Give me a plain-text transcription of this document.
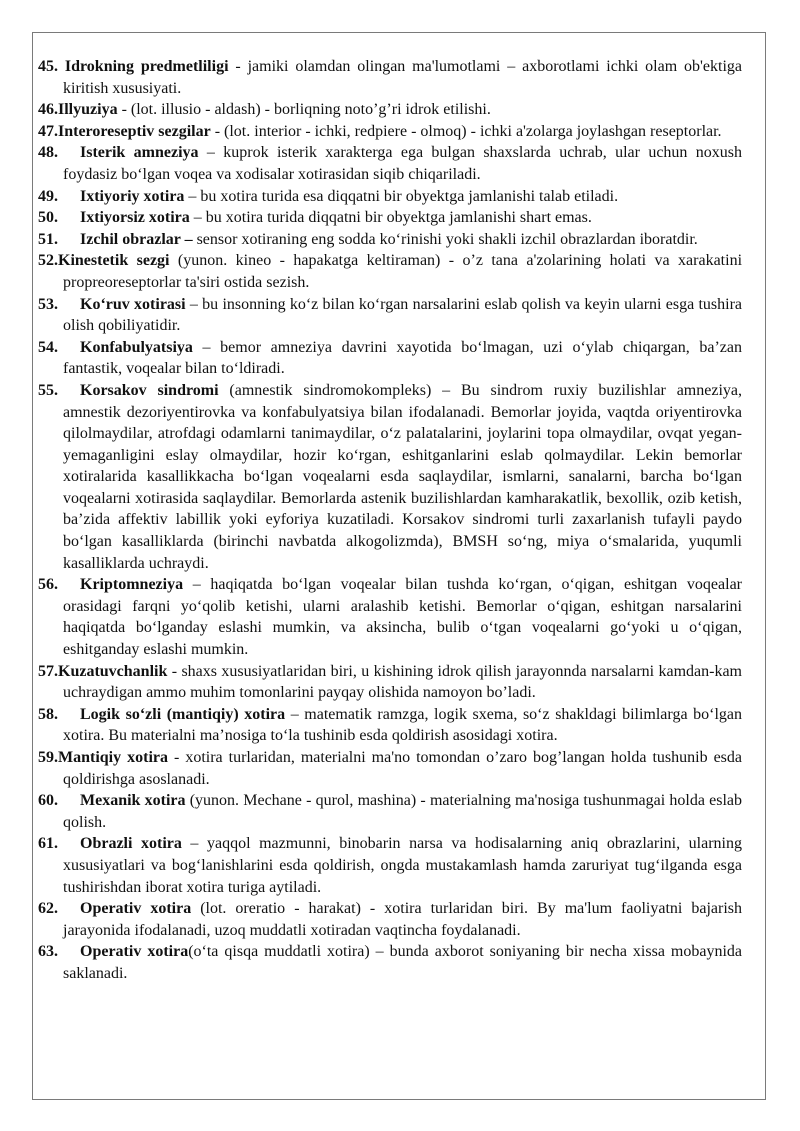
45. Idrokning predmetliligi - jamiki olamdan olingan ma'lumotlami – axborotlami ichki olam ob'ektiga kiritish xususiyati.

46.Illyuziya - (lot. illusio - aldash) - borliqning noto’g’ri idrok etilishi.

47.Interoreseptiv sezgilar - (lot. interior - ichki, redpiere - olmoq) - ichki a'zolarga joylashgan reseptorlar.

48. Isterik amneziya – kuprok isterik xarakterga ega bulgan shaxslarda uchrab, ular uchun noxush foydasiz bo‘lgan voqea va xodisalar xotirasidan siqib chiqariladi.

49. Ixtiyoriy xotira – bu xotira turida esa diqqatni bir obyektga jamlanishi talab etiladi.

50. Ixtiyorsiz xotira – bu xotira turida diqqatni bir obyektga jamlanishi shart emas.

51. Izchil obrazlar – sensor xotiraning eng sodda ko‘rinishi yoki shakli izchil obrazlardan iboratdir.

52.Kinestetik sezgi (yunon. kineo - hapakatga keltiraman) - o’z tana a'zolarining holati va xarakatini propreoreseptorlar ta'siri ostida sezish.

53. Ko‘ruv xotirasi – bu insonning ko‘z bilan ko‘rgan narsalarini eslab qolish va keyin ularni esga tushira olish qobiliyatidir.

54. Konfabulyatsiya – bemor amneziya davrini xayotida bo‘lmagan, uzi o‘ylab chiqargan, ba’zan fantastik, voqealar bilan to‘ldiradi.

55. Korsakov sindromi (amnestik sindromokompleks) – Bu sindrom ruxiy buzilishlar amneziya, amnestik dezoriyentirovka va konfabulyatsiya bilan ifodalanadi. Bemorlar joyida, vaqtda oriyentirovka qilolmaydilar, atrofdagi odamlarni tanimaydilar, o‘z palatalarini, joylarini topa olmaydilar, ovqat yegan-yemaganligini eslay olmaydilar, hozir ko‘rgan, eshitganlarini eslab qolmaydilar. Lekin bemorlar xotiralarida kasallikkacha bo‘lgan voqealarni esda saqlaydilar, ismlarni, sanalarni, barcha bo‘lgan voqealarni xotirasida saqlaydilar. Bemorlarda astenik buzilishlardan kamharakatlik, bexollik, ozib ketish, ba’zida affektiv labillik yoki eyforiya kuzatiladi. Korsakov sindromi turli zaxarlanish tufayli paydo bo‘lgan kasalliklarda (birinchi navbatda alkogolizmda), BMSH so‘ng, miya o‘smalarida, yuqumli kasalliklarda uchraydi.

56. Kriptomneziya – haqiqatda bo‘lgan voqealar bilan tushda ko‘rgan, o‘qigan, eshitgan voqealar orasidagi farqni yo‘qolib ketishi, ularni aralashib ketishi. Bemorlar o‘qigan, eshitgan narsalarini haqiqatda bo‘lganday eslashi mumkin, va aksincha, bulib o‘tgan voqealarni go‘yoki u o‘qigan, eshitganday eslashi mumkin.

57.Kuzatuvchanlik - shaxs xususiyatlaridan biri, u kishining idrok qilish jarayonnda narsalarni kamdan-kam uchraydigan ammo muhim tomonlarini payqay olishida namoyon bo’ladi.

58. Logik so‘zli (mantiqiy) xotira – matematik ramzga, logik sxema, so‘z shakldagi bilimlarga bo‘lgan xotira. Bu materialni ma’nosiga to‘la tushinib esda qoldirish asosidagi xotira.

59.Mantiqiy xotira - xotira turlaridan, materialni ma'no tomondan o’zaro bog’langan holda tushunib esda qoldirishga asoslanadi.

60. Mexanik xotira (yunon. Mechane - qurol, mashina) - materialning ma'nosiga tushunmagai holda eslab qolish.

61. Obrazli xotira – yaqqol mazmunni, binobarin narsa va hodisalarning aniq obrazlarini, ularning xususiyatlari va bog‘lanishlarini esda qoldirish, ongda mustakamlash hamda zaruriyat tug‘ilganda esga tushirishdan iborat xotira turiga aytiladi.

62. Operativ xotira (lot. oreratio - harakat) - xotira turlaridan biri. By ma'lum faoliyatni bajarish jarayonida ifodalanadi, uzoq muddatli xotiradan vaqtincha foydalanadi.

63. Operativ xotira(o‘ta qisqa muddatli xotira) – bunda axborot soniyaning bir necha xissa mobaynida saklanadi.
